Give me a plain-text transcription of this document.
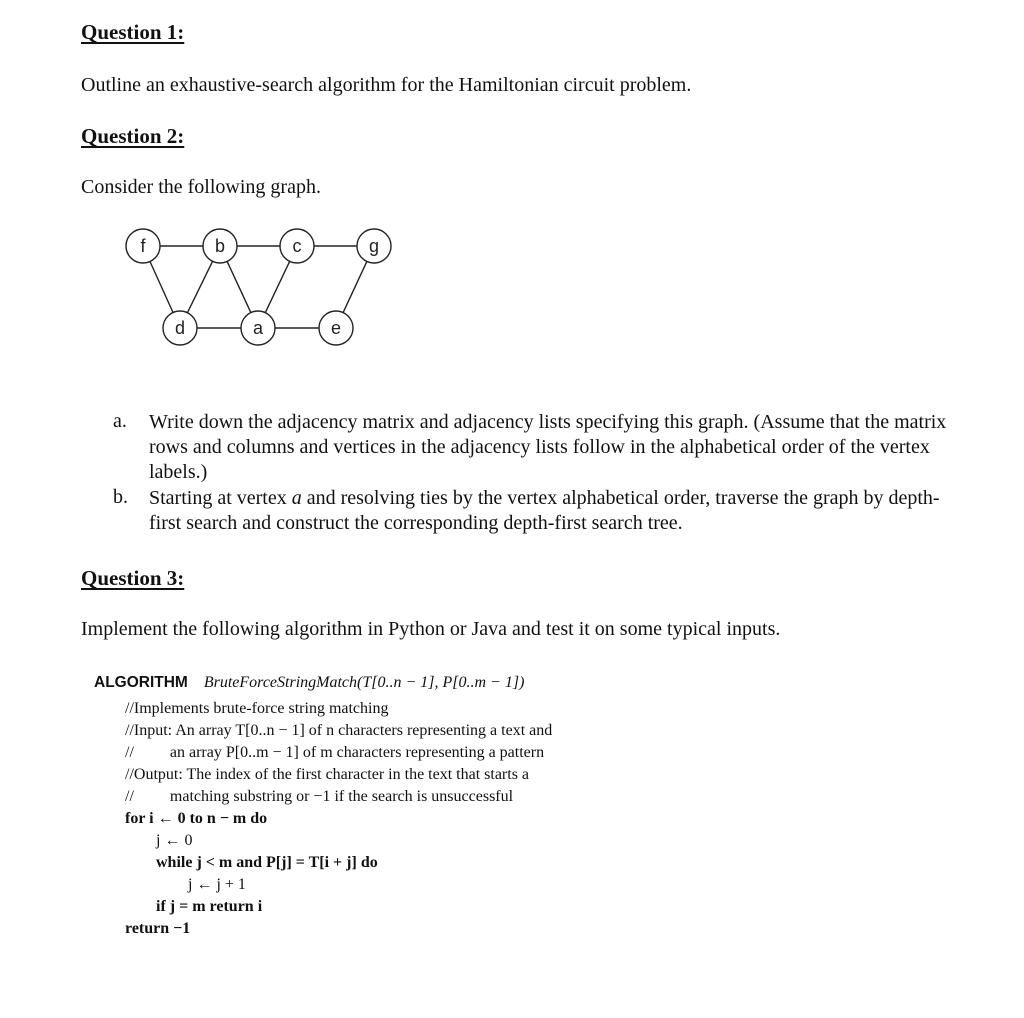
Question 1:
Outline an exhaustive-search algorithm for the Hamiltonian circuit problem.
Question 2:
Consider the following graph.
f	b	c	g
d	a	e
a. Write down the adjacency matrix and adjacency lists specifying this graph. (Assume that the matrix rows and columns and vertices in the adjacency lists follow in the alphabetical order of the vertex labels.)
b. Starting at vertex a and resolving ties by the vertex alphabetical order, traverse the graph by depth-first search and construct the corresponding depth-first search tree.
Question 3:
Implement the following algorithm in Python or Java and test it on some typical inputs.
ALGORITHM BruteForceStringMatch(T[0..n − 1], P[0..m − 1])
//Implements brute-force string matching
//Input: An array T[0..n − 1] of n characters representing a text and
//         an array P[0..m − 1] of m characters representing a pattern
//Output: The index of the first character in the text that starts a
//         matching substring or −1 if the search is unsuccessful
for i ← 0 to n − m do
j ← 0
while j < m and P[j] = T[i + j] do
j ← j + 1
if j = m return i
return −1
